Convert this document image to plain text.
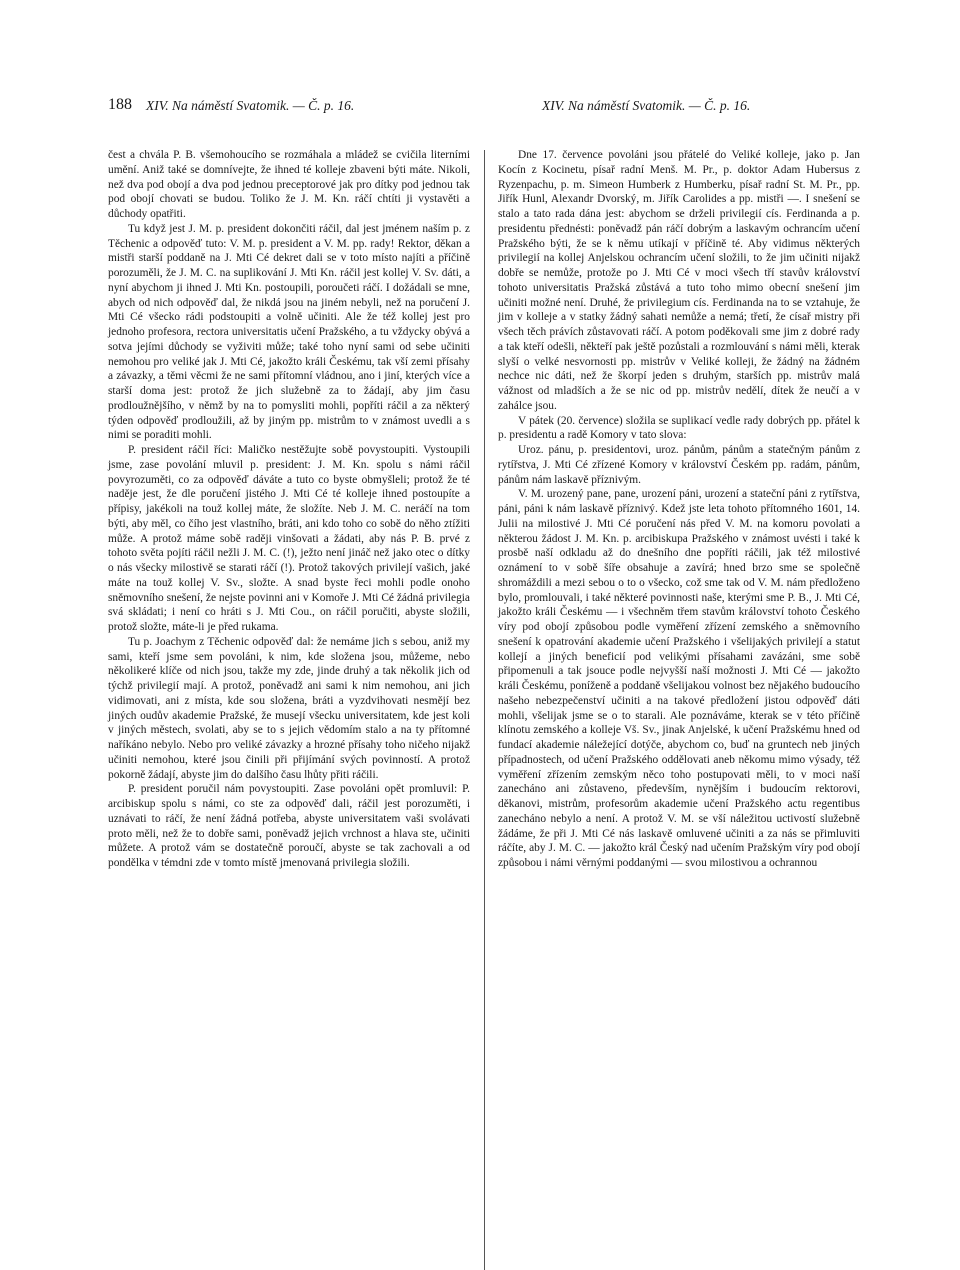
188 XIV. Na náměstí Svatomik. — Č. p. 16.	XIV. Na náměstí Svatomik. — Č. p. 16.

čest a chvála P. B. všemohoucího se rozmáhala a mládež se cvičila literními umění. Aniž také se domnívejte, že ihned té kolleje zbaveni býti máte. Nikoli, než dva pod obojí a dva pod jednou preceptorové jak pro dítky pod jednou tak pod obojí chovati se budou. Toliko že J. M. Kn. ráčí chtíti ji vystavěti a důchody opatřiti.

Tu když jest J. M. p. president dokončiti ráčil, dal jest jménem naším p. z Těchenic a odpověď tuto: V. M. p. president a V. M. pp. rady! Rektor, děkan a mistři starší poddaně na J. Mti Cé dekret dali se v toto místo najíti a příčině porozuměli, že J. M. C. na suplikování J. Mti Kn. ráčil jest kollej V. Sv. dáti, a nyní abychom ji ihned J. Mti Kn. postoupili, poroučeti ráčí. I dožádali se mne, abych od nich odpověď dal, že nikdá jsou na jiném nebyli, než na poručení J. Mti Cé všecko rádi podstoupiti a volně učiniti. Ale že též kollej jest pro jednoho profesora, rectora universitatis učení Pražského, a tu vždycky obývá a sotva jejími důchody se vyživiti může; také toho nyní sami od sebe učiniti nemohou pro veliké jak J. Mti Cé, jakožto králi Českému, tak vší zemi přísahy a závazky, a těmi věcmi že ne sami přítomní vládnou, ano i jiní, kterých více a starší doma jest: protož že jich služebně za to žádají, aby jim času prodloužnějšího, v němž by na to pomysliti mohli, popříti ráčil a za některý týden odpověď prodloužili, až by jiným pp. mistrům to v známost uvedli a s nimi se poraditi mohli.

P. president ráčil říci: Maličko nestěžujte sobě povystoupiti. Vystoupili jsme, zase povolání mluvil p. president: J. M. Kn. spolu s námi ráčil povyrozuměti, co za odpověď dáváte a tuto co byste obmyšleli; protož že té naděje jest, že dle poručení jistého J. Mti Cé té kolleje ihned postoupíte a přípisy, jakékoli na touž kollej máte, že složíte. Neb J. M. C. neráčí na tom býti, aby měl, co čího jest vlastního, bráti, ani kdo toho co sobě do něho ztížiti může. A protož máme sobě raději vinšovati a žádati, aby nás P. B. prvé z tohoto světa pojíti ráčil nežli J. M. C. (!), ježto není jináč než jako otec o dítky o nás všecky milostivě se starati ráčí (!). Protož takových privilejí vašich, jaké máte na touž kollej V. Sv., složte. A snad byste řeci mohli podle onoho sněmovního snešení, že nejste povinni ani v Komoře J. Mti Cé žádná privilegia svá skládati; i není co hráti s J. Mti Cou., on ráčil poručiti, abyste složili, protož složte, máte-li je před rukama.

Tu p. Joachym z Těchenic odpověď dal: že nemáme jich s sebou, aniž my sami, kteří jsme sem povoláni, k nim, kde složena jsou, můžeme, nebo několikeré klíče od nich jsou, takže my zde, jinde druhý a tak několik jich od týchž privilegií mají. A protož, poněvadž ani sami k nim nemohou, ani jich vidimovati, ani z místa, kde sou složena, bráti a vyzdvihovati nesmějí bez jiných oudův akademie Pražské, že musejí všecku universitatem, kde jest koli v jiných městech, svolati, aby se to s jejich vědomím stalo a na ty přítomné naříkáno nebylo. Nebo pro veliké závazky a hrozné přísahy toho ničeho nijakž učiniti nemohou, které jsou činili při přijímání svých povinností. A protož pokorně žádají, abyste jim do dalšího času lhůty přiti ráčili.

P. president poručil nám povystoupiti. Zase povoláni opět promluvil: P. arcibiskup spolu s námi, co ste za odpověď dali, ráčil jest porozuměti, i uznávati to ráčí, že není žádná potřeba, abyste universitatem vaši svolávati proto měli, než že to dobře sami, poněvadž jejich vrchnost a hlava ste, učiniti můžete. A protož vám se dostatečně poroučí, abyste se tak zachovali a od pondělka v témdni zde v tomto místě jmenovaná privilegia složili.

Dne 17. července povoláni jsou přátelé do Veliké kolleje, jako p. Jan Kocín z Kocinetu, písař radní Menš. M. Pr., p. doktor Adam Hubersus z Ryzenpachu, p. m. Simeon Humberk z Humberku, písař radní St. M. Pr., pp. Jiřík Hunl, Alexandr Dvorský, m. Jiřík Carolides a pp. mistři —. I snešení se stalo a tato rada dána jest: abychom se drželi privilegií cís. Ferdinanda a p. presidentu přednésti: poněvadž pán ráčí dobrým a laskavým ochrancím učení Pražského býti, že se k němu utíkají v příčině té. Aby vidimus některých privilegií na kollej Anjelskou ochrancím učení složili, to že jim učiniti nijakž dobře se nemůže, protože po J. Mti Cé v moci všech tří stavův království tohoto universitatis Pražská zůstává a tuto toho mimo obecní snešení jim učiniti možné není. Druhé, že privilegium cís. Ferdinanda na to se vztahuje, že jim v kolleje a v statky žádný sahati nemůže a nemá; třetí, že císař mistry při všech těch právích zůstavovati ráčí. A potom poděkovali sme jim z dobré rady a tak kteří odešli, někteří pak ještě pozůstali a rozmlouvání s námi měli, kterak slyší o velké nesvornosti pp. mistrův v Veliké kolleji, že žádný na žádném nechce nic dáti, než že škorpí jeden s druhým, starších pp. mistrův malá vážnost od mladších a že se nic od pp. mistrův nedělí, dítek že neučí a v zahálce jsou.

V pátek (20. července) složila se suplikací vedle rady dobrých pp. přátel k p. presidentu a radě Komory v tato slova:

Uroz. pánu, p. presidentovi, uroz. pánům, pánům a statečným pánům z rytířstva, J. Mti Cé zřízené Komory v království Českém pp. radám, pánům, pánům nám laskavě příznivým.

V. M. urozený pane, pane, urození páni, urození a stateční páni z rytířstva, páni, páni k nám laskavě příznivý. Kdež jste leta tohoto přítomného 1601, 14. Julii na milostivé J. Mti Cé poručení nás před V. M. na komoru povolati a některou žádost J. M. Kn. p. arcibiskupa Pražského v známost uvésti i také k prosbě naší odkladu až do dnešního dne popříti ráčili, jak též milostivé oznámení to v sobě šíře obsahuje a zavírá; hned brzo sme se společně shromáždili a mezi sebou o to o všecko, což sme tak od V. M. nám předloženo bylo, promlouvali, i také některé povinnosti naše, kterými sme P. B., J. Mti Cé, jakožto králi Českému — i všechněm třem stavům království tohoto Českého víry pod obojí způsobou podle vyměření zřízení zemského a sněmovního snešení k opatrování akademie učení Pražského i všelijakých privilejí a statut kollejí a jiných beneficií pod velikými přísahami zavázáni, sme sobě připomenuli a tak jsouce podle nejvyšší naší možnosti J. Mti Cé — jakožto králi Českému, poníženě a poddaně všelijakou volnost bez nějakého budoucího našeho nebezpečenství učiniti a na takové předložení jistou odpověď dáti mohli, všelijak jsme se o to starali. Ale poznáváme, kterak se v této příčině klínotu zemského a kolleje Vš. Sv., jinak Anjelské, k učení Pražskému hned od fundací akademie náležející dotýče, abychom co, buď na gruntech neb jiných případnostech, od učení Pražského oddělovati aneb někomu mimo výsady, též vyměření zřízením zemským něco toho postupovati měli, to v moci naší zanecháno ani zůstaveno, především, nynějším i budoucím rektorovi, děkanovi, mistrům, profesorům akademie učení Pražského actu regentibus zanecháno nebylo a není. A protož V. M. se vší náležitou uctivostí služebně žádáme, že při J. Mti Cé nás laskavě omluvené učiniti a za nás se přimluviti ráčíte, aby J. M. C. — jakožto král Český nad učením Pražským víry pod obojí způsobou i námi věrnými poddanými — svou milostivou a ochrannou
